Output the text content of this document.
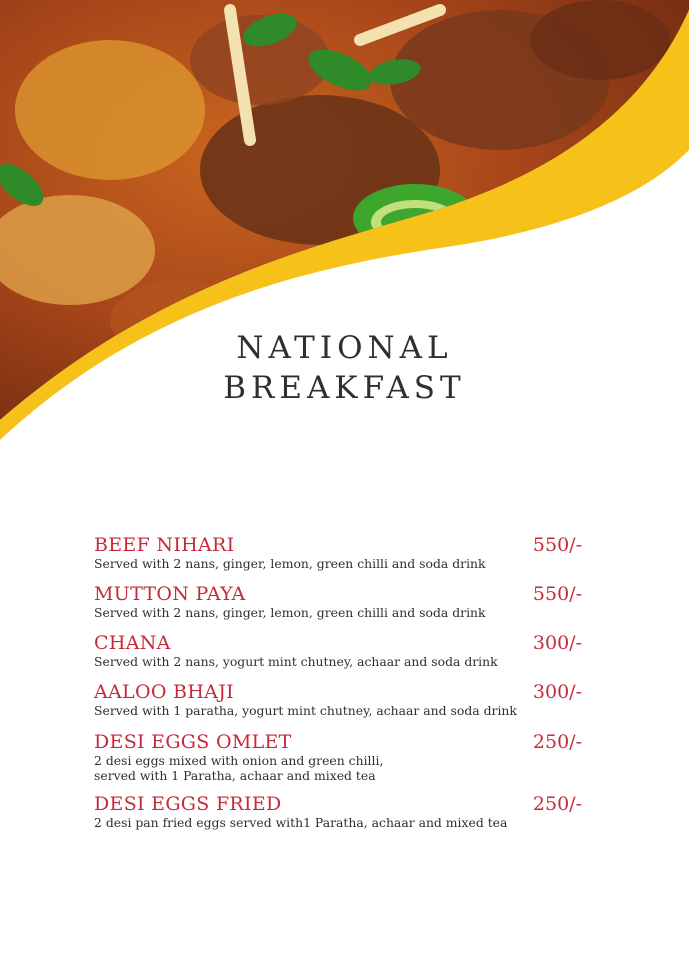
NATIONAL
BREAKFAST
BEEF NIHARI
Served with 2 nans, ginger, lemon, green chilli and soda drink
550/-
MUTTON PAYA
Served with 2 nans, ginger, lemon, green chilli and soda drink
550/-
CHANA
Served with 2 nans, yogurt mint chutney, achaar and soda drink
300/-
AALOO BHAJI
Served with 1 paratha, yogurt mint chutney, achaar and soda drink
300/-
DESI EGGS OMLET
2 desi eggs mixed with onion and green chilli,
served with 1 Paratha, achaar and mixed tea
250/-
DESI EGGS FRIED
2 desi pan fried eggs served with1 Paratha, achaar and mixed tea
250/-
